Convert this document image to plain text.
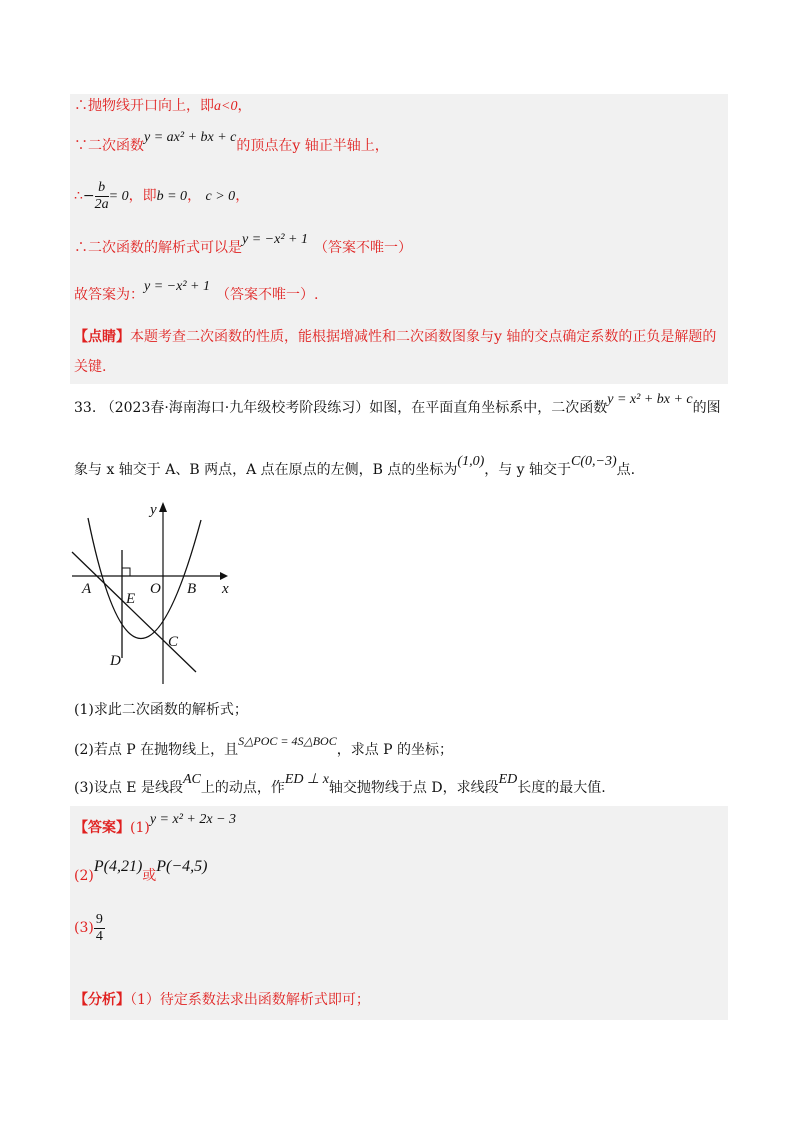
∴抛物线开口向上，即a<0，
∵二次函数y = ax² + bx + c的顶点在y 轴正半轴上，
∴− $\frac{b}{2a} = 0$，即b = 0， c > 0，
∴二次函数的解析式可以是y = −x² + 1（答案不唯一）
故答案为：y = −x² + 1（答案不唯一）.
【点睛】本题考查二次函数的性质，能根据增减性和二次函数图象与y 轴的交点确定系数的正负是解题的关键.
33. （2023春·海南海口·九年级校考阶段练习）如图，在平面直角坐标系中，二次函数y = x² + bx + c的图
象与 x 轴交于 A、B 两点，A 点在原点的左侧，B 点的坐标为(1,0)，与 y 轴交于C(0,−3)点.
y
x
A	O B
E
C
D
(1)求此二次函数的解析式；
(2)若点 P 在抛物线上，且S△POC = 4S△BOC，求点 P 的坐标；
(3)设点 E 是线段AC上的动点，作ED ⊥ x轴交抛物线于点 D，求线段ED长度的最大值.
【答案】(1)y = x² + 2x − 3
(2)P(4,21)或P(−4,5)
$(3) \frac{9}{4}$
【分析】（1）待定系数法求出函数解析式即可；
